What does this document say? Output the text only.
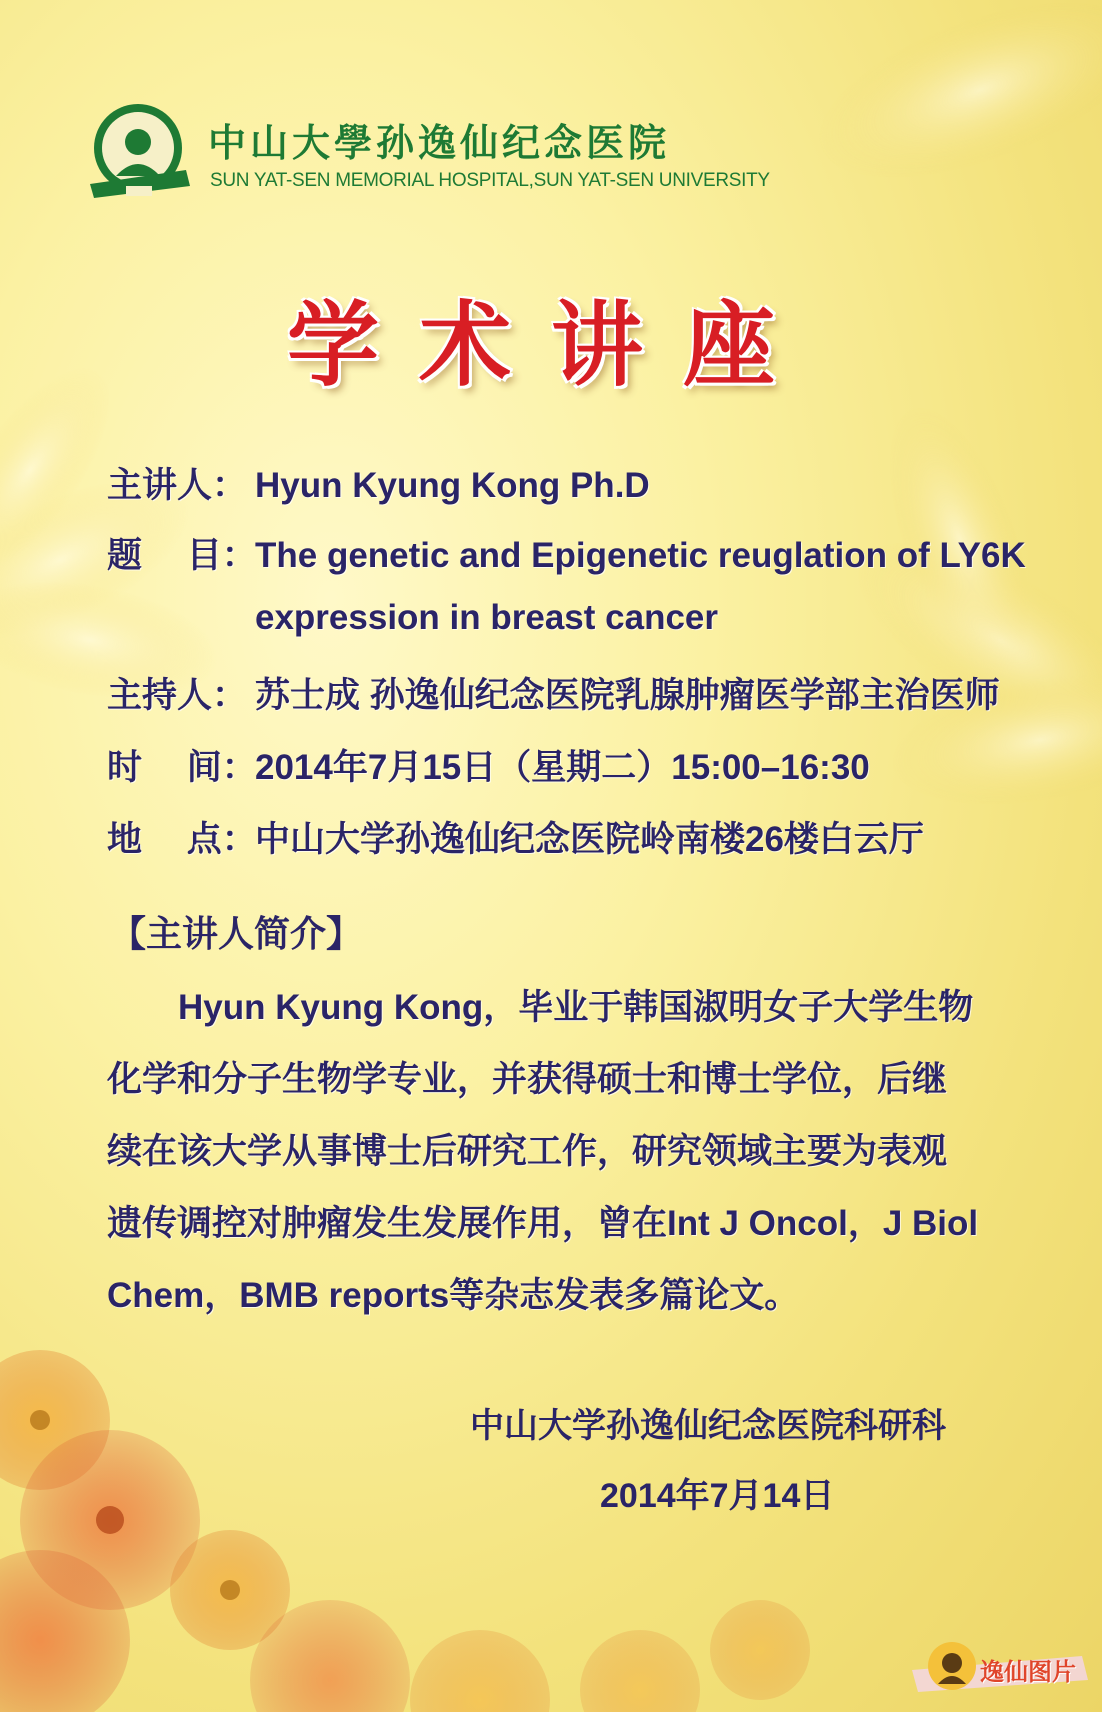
中山大學孙逸仙纪念医院
SUN YAT-SEN MEMORIAL HOSPITAL,SUN YAT-SEN UNIVERSITY
学术讲座
主讲人： Hyun Kyung Kong Ph.D
题　 目：The genetic and Epigenetic reuglation of LY6K
expression in breast cancer
主持人： 苏士成 孙逸仙纪念医院乳腺肿瘤医学部主治医师
时　 间：2014年7月15日（星期二）15:00–16:30
地　 点：中山大学孙逸仙纪念医院岭南楼26楼白云厅
【主讲人简介】
Hyun Kyung Kong，毕业于韩国淑明女子大学生物
化学和分子生物学专业，并获得硕士和博士学位，后继
续在该大学从事博士后研究工作，研究领域主要为表观
遗传调控对肿瘤发生发展作用，曾在Int J Oncol，J Biol
Chem，BMB reports等杂志发表多篇论文。
中山大学孙逸仙纪念医院科研科
2014年7月14日
逸仙图片
